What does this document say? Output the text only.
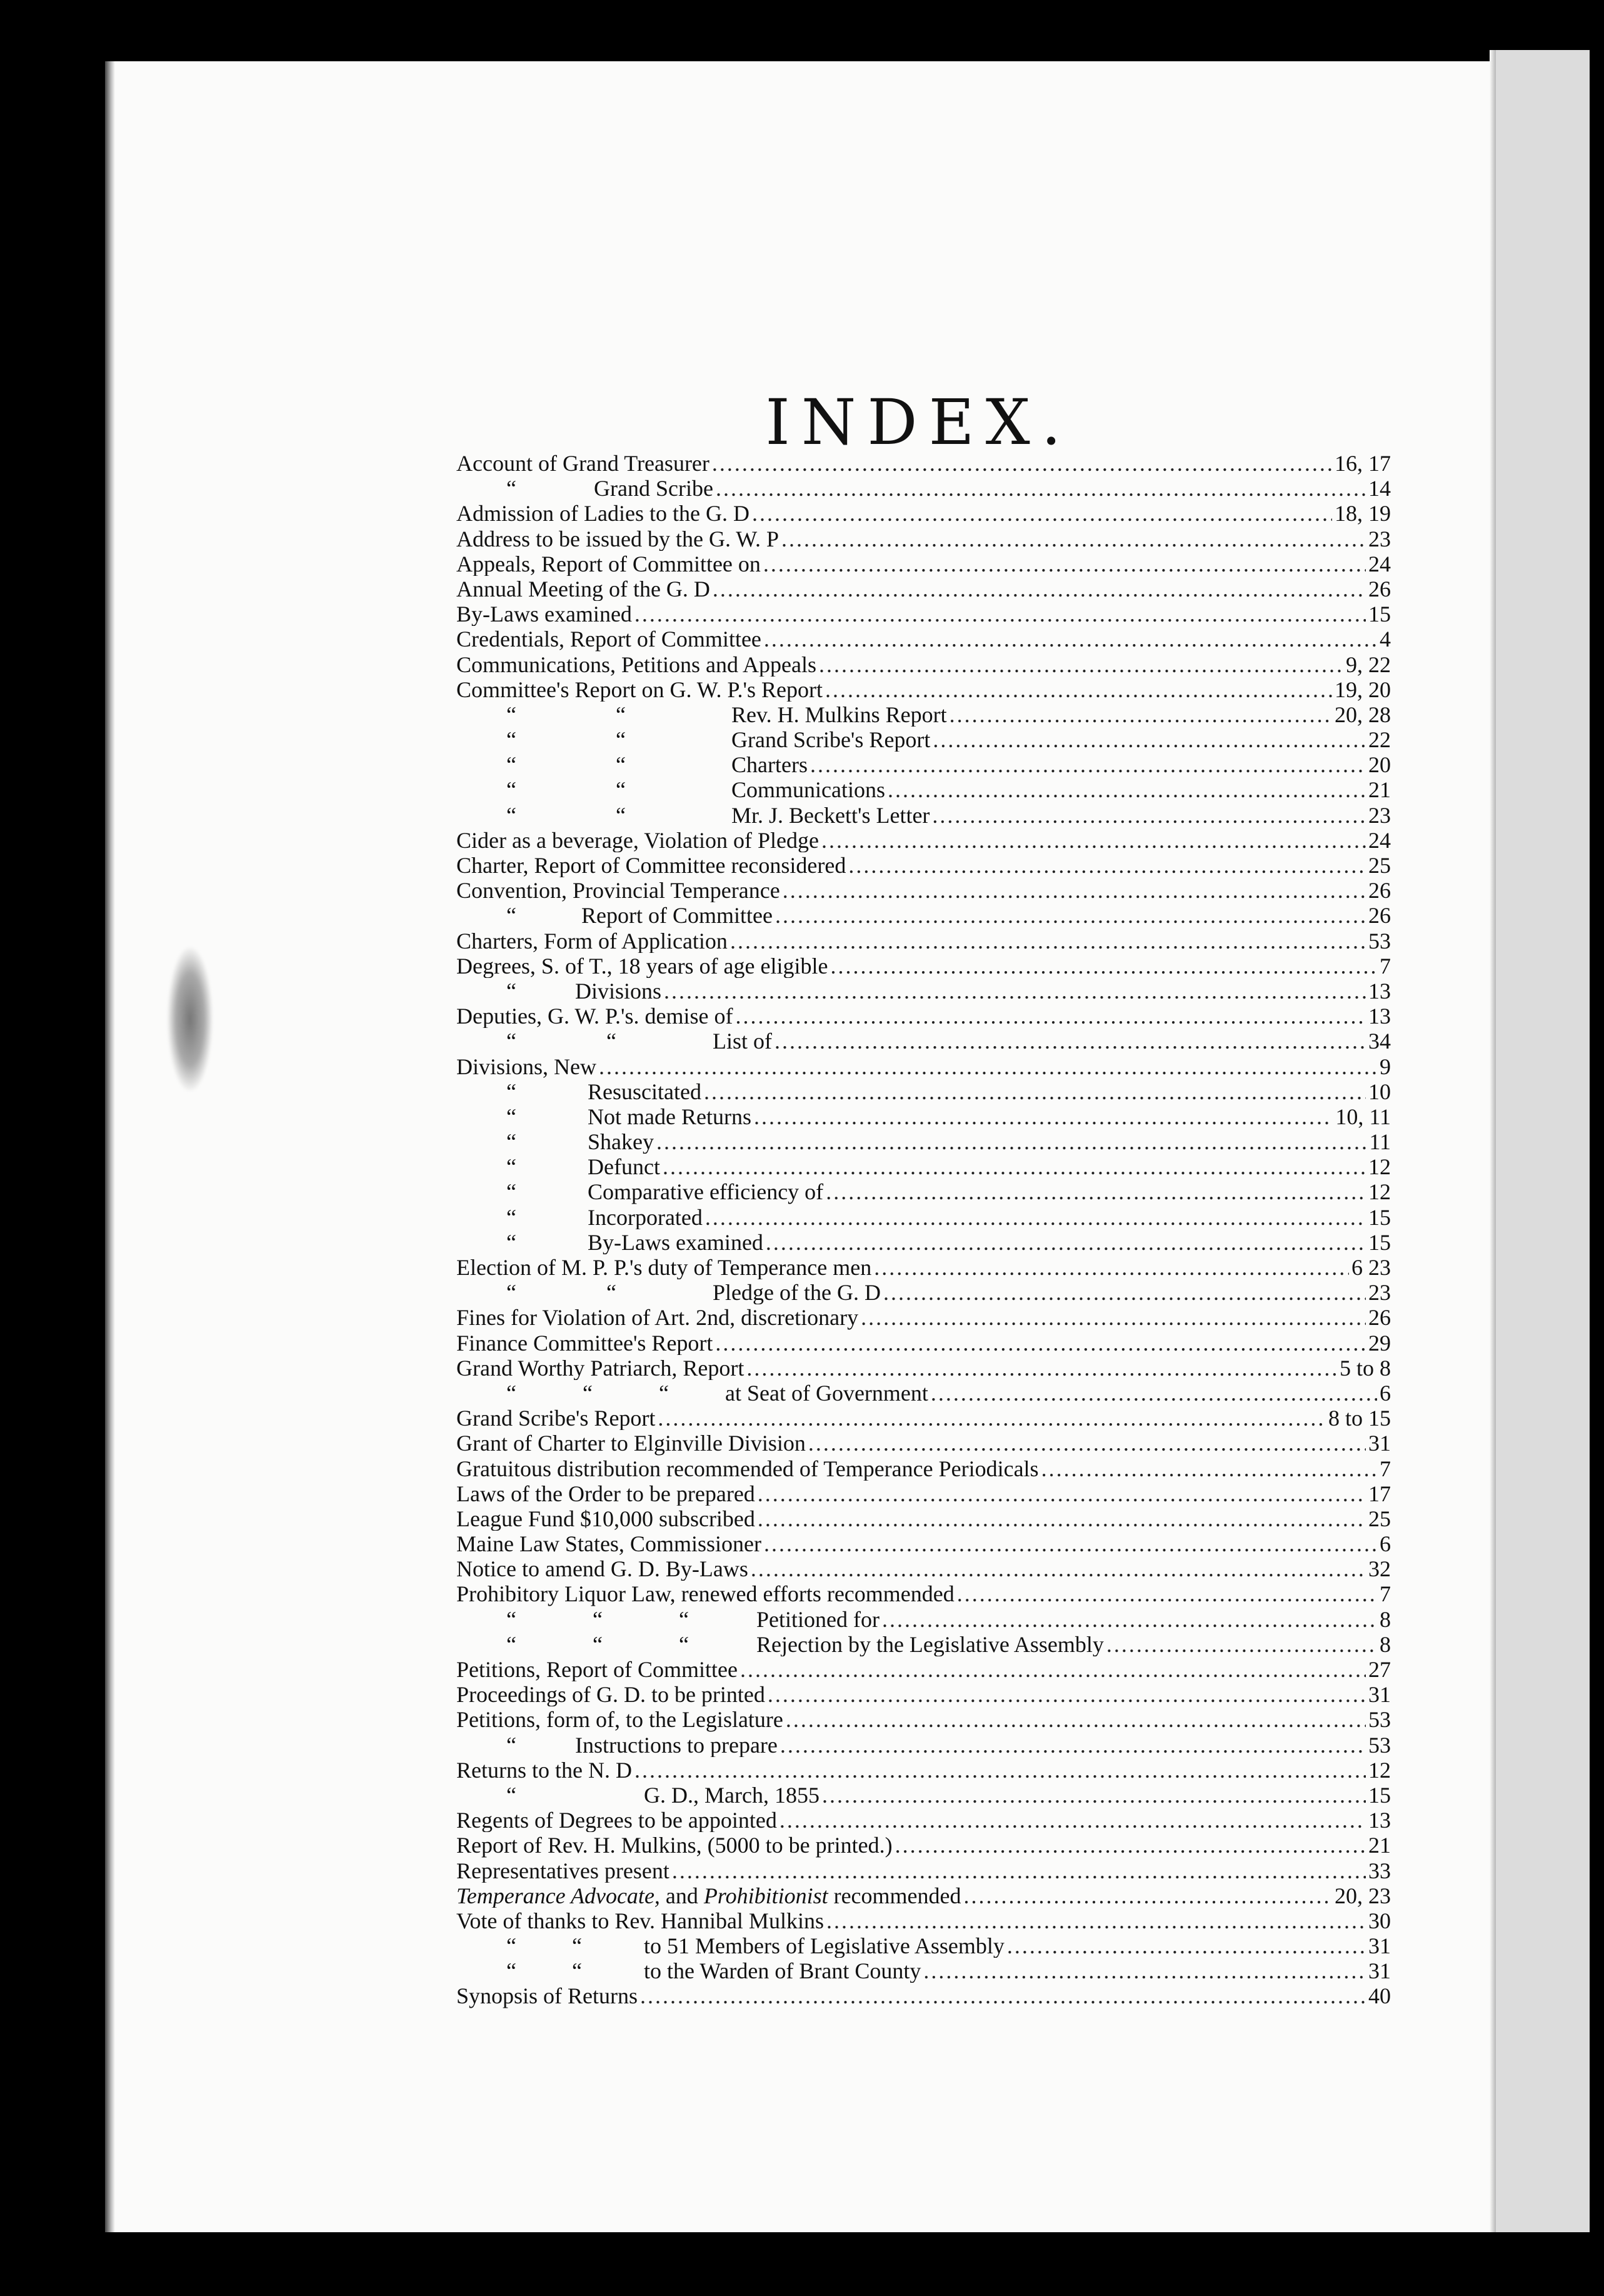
INDEX.
Account of Grand Treasurer .....	16, 17
“	Grand Scribe .....	14
Admission of Ladies to the G. D .....	18, 19
Address to be issued by the G. W. P .....	23
Appeals, Report of Committee on .....	24
Annual Meeting of the G. D .....	26
By-Laws examined .....	15
Credentials, Report of Committee .....	4
Communications, Petitions and Appeals .....	9, 22
Committee's Report on G. W. P.'s Report .....	19, 20
“ “	Rev. H. Mulkins Report .....	20, 28
“ “	Grand Scribe's Report .....	22
“ “	Charters .....	20
“ “	Communications .....	21
“ “	Mr. J. Beckett's Letter .....	23
Cider as a beverage, Violation of Pledge .....	24
Charter, Report of Committee reconsidered .....	25
Convention, Provincial Temperance .....	26
“	Report of Committee .....	26
Charters, Form of Application .....	53
Degrees, S. of T., 18 years of age eligible .....	7
“	Divisions .....	13
Deputies, G. W. P.'s. demise of .....	13
“ “	List of .....	34
Divisions, New .....	9
“	Resuscitated .....	10
“	Not made Returns .....	10, 11
“	Shakey .....	11
“	Defunct .....	12
“	Comparative efficiency of .....	12
“	Incorporated .....	15
“	By-Laws examined .....	15
Election of M. P. P.'s duty of Temperance men .....	6 23
“ “	Pledge of the G. D .....	23
Fines for Violation of Art. 2nd, discretionary .....	26
Finance Committee's Report .....	29
Grand Worthy Patriarch, Report .....	5 to 8
“ “ “	at Seat of Government .....	6
Grand Scribe's Report .....	8 to 15
Grant of Charter to Elginville Division .....	31
Gratuitous distribution recommended of Temperance Periodicals .....	7
Laws of the Order to be prepared .....	17
League Fund $10,000 subscribed .....	25
Maine Law States, Commissioner .....	6
Notice to amend G. D. By-Laws .....	32
Prohibitory Liquor Law, renewed efforts recommended .....	7
“ “ “	Petitioned for .....	8
“ “ “	Rejection by the Legislative Assembly .....	8
Petitions, Report of Committee .....	27
Proceedings of G. D. to be printed .....	31
Petitions, form of, to the Legislature .....	53
“	Instructions to prepare .....	53
Returns to the N. D .....	12
“	G. D., March, 1855 .....	15
Regents of Degrees to be appointed .....	13
Report of Rev. H. Mulkins, (5000 to be printed.) .....	21
Representatives present .....	33
Temperance Advocate, and Prohibitionist recommended .....	20, 23
Vote of thanks to Rev. Hannibal Mulkins .....	30
“ “	to 51 Members of Legislative Assembly .....	31
“ “	to the Warden of Brant County .....	31
Synopsis of Returns .....	40
